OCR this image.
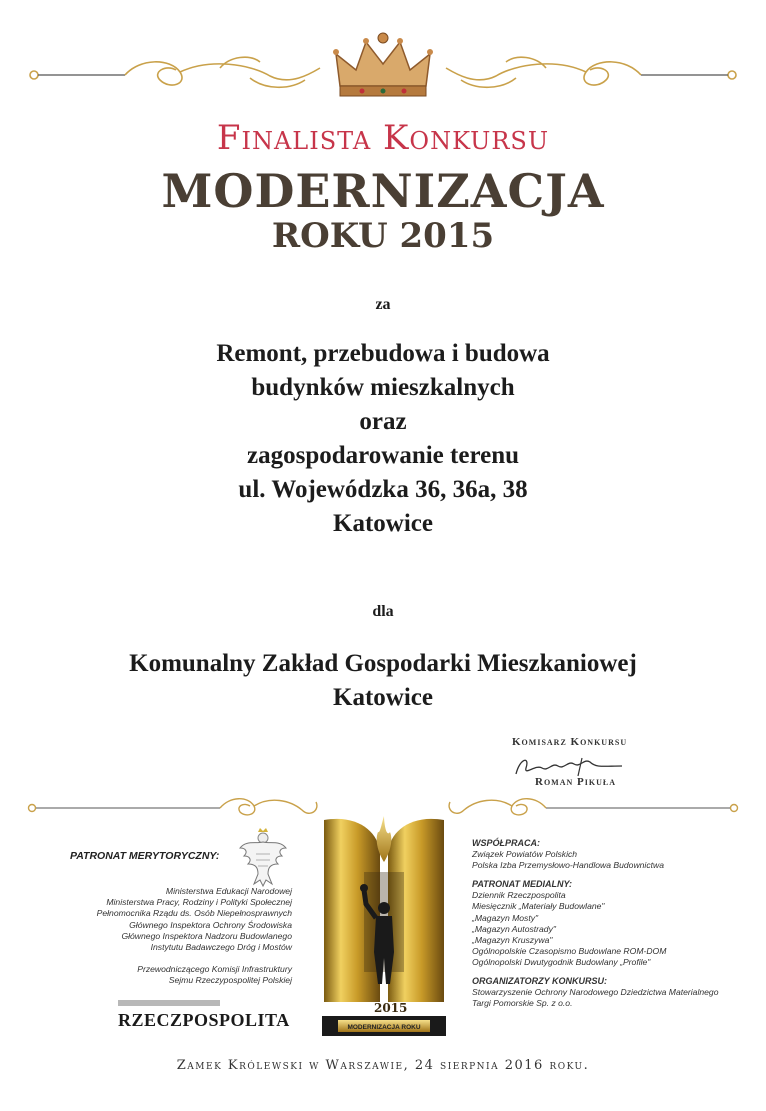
Finalista Konkursu
MODERNIZACJA
ROKU 2015
za
Remont, przebudowa i budowa
budynków mieszkalnych
oraz
zagospodarowanie terenu
ul. Wojewódzka 36, 36a, 38
Katowice
dla
Komunalny Zakład Gospodarki Mieszkaniowej
Katowice
Komisarz Konkursu
Roman Pikuła
PATRONAT MERYTORYCZNY:
Ministerstwa Edukacji Narodowej
Ministerstwa Pracy, Rodziny i Polityki Społecznej
Pełnomocnika Rządu ds. Osób Niepełnosprawnych
Głównego Inspektora Ochrony Środowiska
Głównego Inspektora Nadzoru Budowlanego
Instytutu Badawczego Dróg i Mostów
Przewodniczącego Komisji Infrastruktury
Sejmu Rzeczypospolitej Polskiej
RZECZPOSPOLITA
2015
MODERNIZACJA ROKU
WSPÓŁPRACA:
Związek Powiatów Polskich
Polska Izba Przemysłowo-Handlowa Budownictwa
PATRONAT MEDIALNY:
Dziennik Rzeczpospolita
Miesięcznik „Materiały Budowlane"
„Magazyn Mosty"
„Magazyn Autostrady"
„Magazyn Kruszywa"
Ogólnopolskie Czasopismo Budowlane ROM-DOM
Ogólnopolski Dwutygodnik Budowlany „Profile"
ORGANIZATORZY KONKURSU:
Stowarzyszenie Ochrony Narodowego Dziedzictwa Materialnego
Targi Pomorskie Sp. z o.o.
Zamek Królewski w Warszawie, 24 sierpnia 2016 roku.
